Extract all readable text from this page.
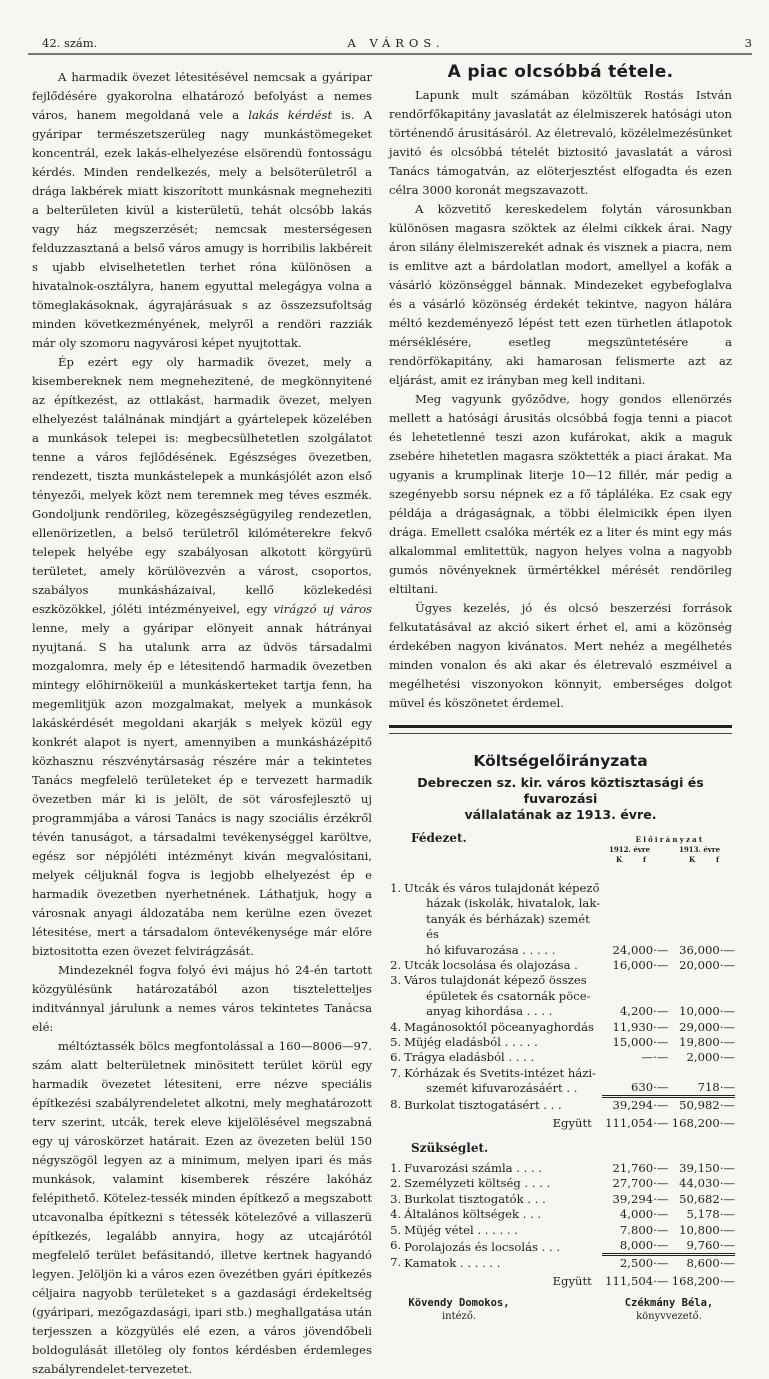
42. szám.	A VÁROS.	3

A harmadik övezet létesitésével nemcsak a gyáripar fejlődésére gyakorolna elhatározó befolyást a nemes város, hanem megoldaná vele a lakás kérdést is. A gyáripar természetszerüleg nagy munkástömegeket koncentrál, ezek lakás-elhelyezése elsörendü fontosságu kérdés. Minden rendelkezés, mely a belsöterületről a drága lakbérek miatt kiszorított munkásnak megneheziti a belterületen kivül a kisterületü, tehát olcsóbb lakás vagy ház megszerzését; nemcsak mesterségesen felduzzasztaná a belső város amugy is horribilis lakbéreit s ujabb elviselhetetlen terhet róna különösen a hivatalnok-osztályra, hanem egyuttal melegágya volna a tömeglakásoknak, ágyrajárásuak s az összezsufoltság minden következményének, melyről a rendöri razziák már oly szomoru nagyvárosi képet nyujtottak.

Ép ezért egy oly harmadik övezet, mely a kisembereknek nem megnehezitené, de megkönnyitené az építkezést, az ottlakást, harmadik övezet, melyen elhelyezést találnának mindjárt a gyártelepek közelében a munkások telepei is: megbecsülhetetlen szolgálatot tenne a város fejlődésének. Egészséges övezetben, rendezett, tiszta munkástelepek a munkásjólét azon első tényezői, melyek közt nem teremnek meg téves eszmék. Gondoljunk rendörileg, közegészségügyileg rendezetlen, ellenörizetlen, a belső területről kilóméterekre fekvő telepek helyébe egy szabályosan alkotott körgyürü területet, amely körülövezvén a várost, csoportos, szabályos munkásházaival, kellő közlekedési eszközökkel, jóléti intézményeivel, egy virágzó uj város lenne, mely a gyáripar elönyeit annak hátrányai nyujtaná. S ha utalunk arra az üdvös társadalmi mozgalomra, mely ép e létesitendő harmadik övezetben mintegy előhirnökeiül a munkáskerteket tartja fenn, ha megemlitjük azon mozgalmakat, melyek a munkások lakáskérdését megoldani akarják s melyek közül egy konkrét alapot is nyert, amennyiben a munkásházépitő közhasznu részvénytársaság részére már a tekintetes Tanács megfelelö területeket ép e tervezett harmadik övezetben már ki is jelölt, de söt városfejlesztö uj programmjába a városi Tanács is nagy szociális érzékről tévén tanuságot, a társadalmi tevékenységgel karöltve, egész sor népjóléti intézményt kiván megvalósitani, melyek céljuknál fogva is legjobb elhelyezést ép e harmadik övezetben nyerhetnének. Láthatjuk, hogy a városnak anyagi áldozatába nem kerülne ezen övezet létesitése, mert a társadalom öntevékenysége már előre biztositotta ezen övezet felvirágzását.

Mindezeknél fogva folyó évi május hó 24-én tartott közgyülésünk határozatából azon tiszteletteljes inditvánnyal járulunk a nemes város tekintetes Tanácsa elé:

méltóztassék bölcs megfontolással a 160—8006—97. szám alatt belterületnek minösitett terület körül egy harmadik övezetet létesiteni, erre nézve speciális építkezési szabályrendeletet alkotni, mely meghatározott terv szerint, utcák, terek eleve kijelölésével megszabná egy uj városkörzet határait. Ezen az övezeten belül 150 négyszögöl legyen az a minimum, melyen ipari és más munkások, valamint kisemberek részére lakóház felépithető. Kötelez-tessék minden építkező a megszabott utcavonalba építkezni s tétessék kötelezővé a villaszerü építkezés, legalább annyira, hogy az utcajárótól megfelelő terület befásitandó, illetve kertnek hagyandó legyen. Jelöljön ki a város ezen övezétben gyári építkezés céljaira nagyobb területeket s a gazdasági érdekeltség (gyáripari, mezőgazdasági, ipari stb.) meghallgatása után terjesszen a közgyülés elé ezen, a város jövendőbeli boldogulását illetöleg oly fontos kérdésben érdemleges szabályrendelet-tervezetet.

A piac olcsóbbá tétele.

Lapunk mult számában közöltük Rostás István rendőrfőkapitány javaslatát az élelmiszerek hatósági uton történendő árusitásáról. Az életrevaló, közélelmezésünket javitó és olcsóbbá tételét biztositó javaslatát a városi Tanács támogatván, az elöterjesztést elfogadta és ezen célra 3000 koronát megszavazott.

A közvetitő kereskedelem folytán városunkban különösen magasra szöktek az élelmi cikkek árai. Nagy áron silány élelmiszerekét adnak és visznek a piacra, nem is emlitve azt a bárdolatlan modort, amellyel a kofák a vásárló közönséggel bánnak. Mindezeket egybefoglalva és a vásárló közönség érdekét tekintve, nagyon hálára méltó kezdeményező lépést tett ezen türhetlen átlapotok mérséklésére, esetleg megszüntetésére a rendörfökapitány, aki hamarosan felismerte azt az eljárást, amit ez irányban meg kell inditani.

Meg vagyunk győződve, hogy gondos ellenörzés mellett a hatósági árusitás olcsóbbá fogja tenni a piacot és lehetetlenné teszi azon kufárokat, akik a maguk zsebére hihetetlen magasra szöktették a piaci árakat. Ma ugyanis a krumplinak literje 10—12 fillér, már pedig a szegényebb sorsu népnek ez a fő tápláléka. Ez csak egy példája a drágaságnak, a többi élelmicikk épen ilyen drága. Emellett csalóka mérték ez a liter és mint egy más alkalommal emlitettük, nagyon helyes volna a nagyobb gumós növényeknek ürmértékkel mérését rendörileg eltiltani.

Ügyes kezelés, jó és olcsó beszerzési források felkutatásával az akció sikert érhet el, ami a közönség érdekében nagyon kivánatos. Mert nehéz a megélhetés minden vonalon és aki akar és életrevaló eszméivel a megélhetési viszonyokon könnyit, emberséges dolgot müvel és köszönetet érdemel.

Költségelőirányzata
Debreczen sz. kir. város köztisztasági és fuvarozási
vállalatának az 1913. évre.
Fédezet.	Előirányzat
1912. évre	1913. évre
K	f	K	f
1.	Utcák és város tulajdonát képező
házak (iskolák, hivatalok, lak-
tanyák és bérházak) szemét és
hó kifuvarozása . . . . .	24,000·—	36,000·—
2.	Utcák locsolása és olajozása .	16,000·—	20,000·—
3.	Város tulajdonát képező összes
épületek és csatornák pöce-
anyag kihordása . . . .	4,200·—	10,000·—
4.	Magánosoktól pöceanyaghordás	11,930·—	29,000·—
5.	Müjég eladásból . . . . .	15,000·—	19,800·—
6.	Trágya eladásból . . . .	—·—	2,000·—
7.	Kórházak és Svetits-intézet házi-
szemét kifuvarozásáért . .	630·—	718·—
8.	Burkolat tisztogatásért . . .	39,294·—	50,982·—
	Együtt	111,054·—	168,200·—
Szükséglet.
1.	Fuvarozási számla . . . .	21,760·—	39,150·—
2.	Személyzeti költség . . . .	27,700·—	44,030·—
3.	Burkolat tisztogatók . . .	39,294·—	50,682·—
4.	Általános költségek . . .	4,000·—	5,178·—
5.	Müjég vétel . . . . . .	7.800·—	10,800·—
6.	Porolajozás és locsolás . . .	8,000·—	9,760·—
7.	Kamatok . . . . . .	2,500·—	8,600·—
	Együtt	111,504·—	168,200·—
Kövendy Domokos,
intéző.
Czékmány Béla,
könyvvezető.
